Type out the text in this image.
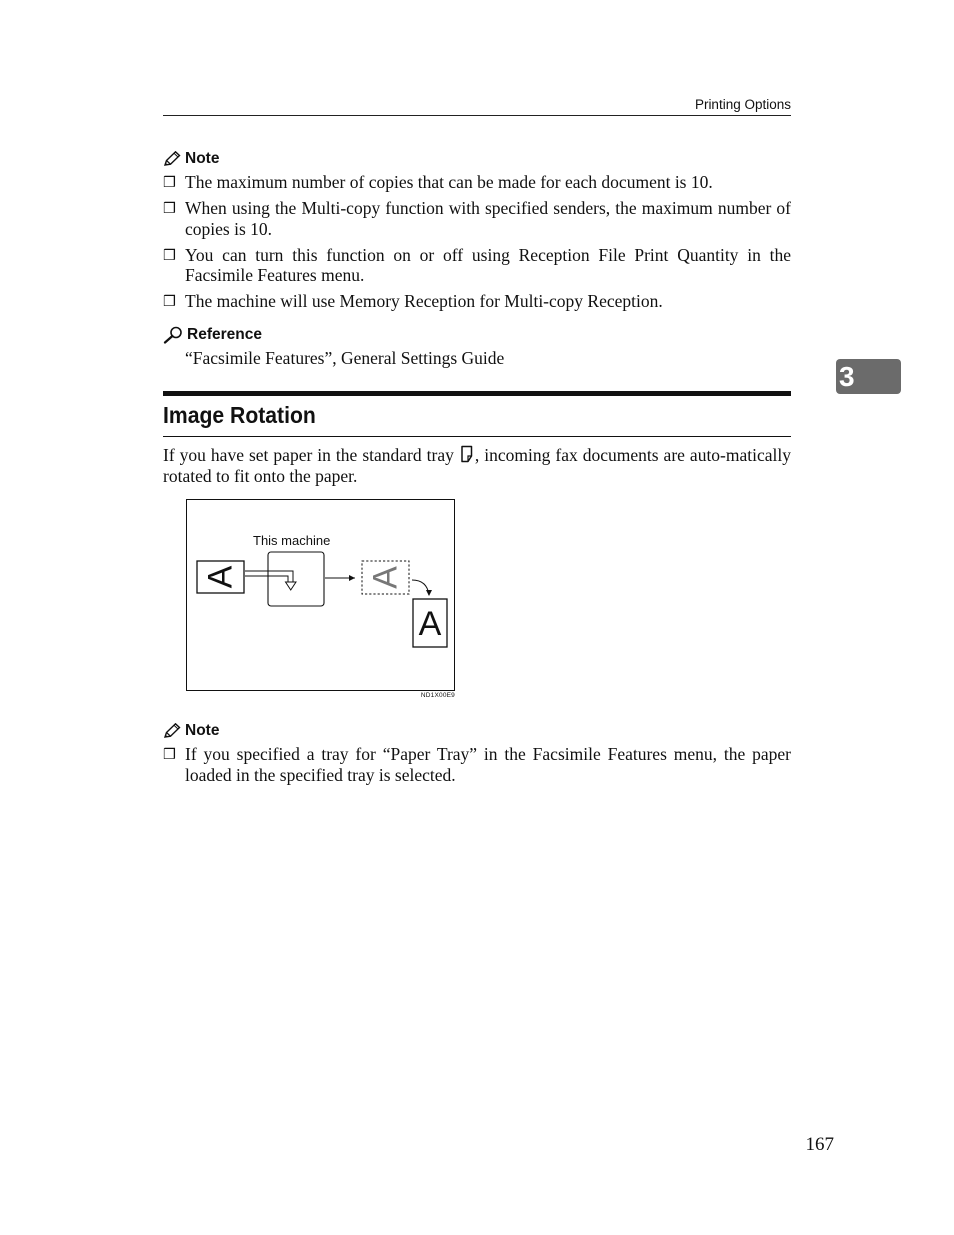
Printing Options
3
Note
❒ The maximum number of copies that can be made for each document is 10.
❒ When using the Multi-copy function with specified senders, the maximum number of copies is 10.
❒ You can turn this function on or off using Reception File Print Quantity in the Facsimile Features menu.
❒ The machine will use Memory Reception for Multi-copy Reception.
Reference
“Facsimile Features”, General Settings Guide
Image Rotation
If you have set paper in the standard tray , incoming fax documents are auto-matically rotated to fit onto the paper.
A	A
A
This machine
ND1X00E9
Note
❒ If you specified a tray for “Paper Tray” in the Facsimile Features menu, the paper loaded in the specified tray is selected.
167
